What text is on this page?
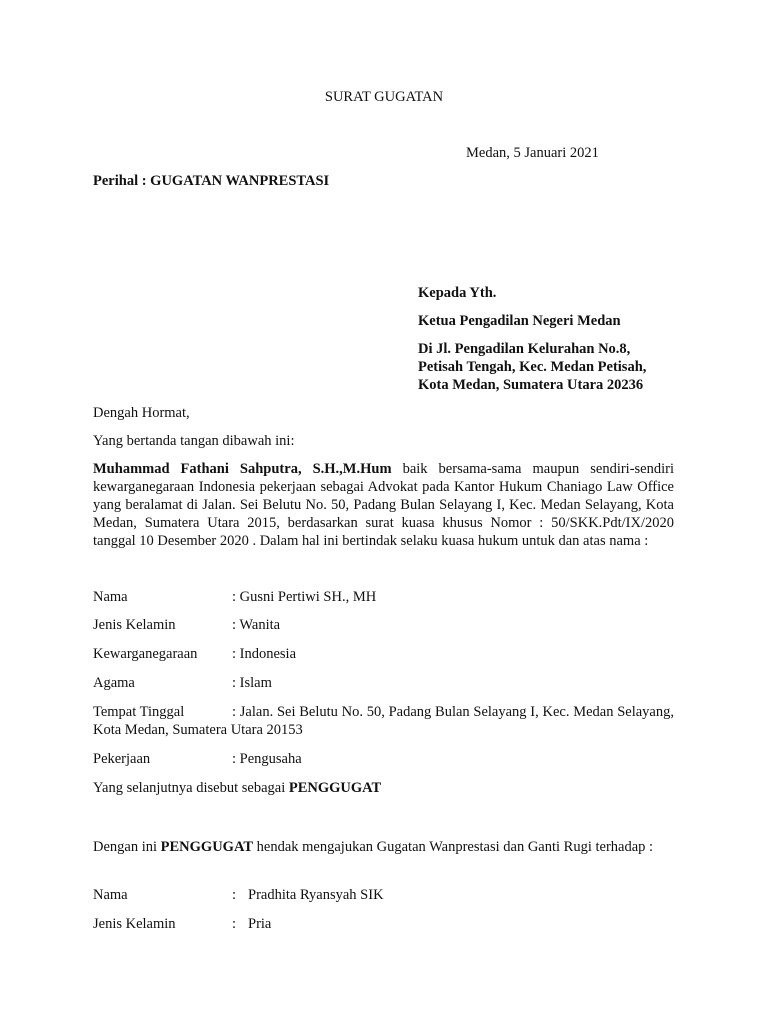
SURAT GUGATAN
Medan, 5 Januari 2021
Perihal : GUGATAN WANPRESTASI
Kepada Yth.
Ketua Pengadilan Negeri Medan
Di Jl. Pengadilan Kelurahan No.8,
Petisah Tengah, Kec. Medan Petisah,
Kota Medan, Sumatera Utara 20236
Dengah Hormat,
Yang bertanda tangan dibawah ini:
Muhammad Fathani Sahputra, S.H.,M.Hum baik bersama-sama maupun sendiri-sendiri kewarganegaraan Indonesia pekerjaan sebagai Advokat pada Kantor Hukum Chaniago Law Office yang beralamat di Jalan. Sei Belutu No. 50, Padang Bulan Selayang I, Kec. Medan Selayang, Kota Medan, Sumatera Utara 2015, berdasarkan surat kuasa khusus Nomor : 50/SKK.Pdt/IX/2020 tanggal 10 Desember 2020 . Dalam hal ini bertindak selaku kuasa hukum untuk dan atas nama :
Nama	: Gusni Pertiwi SH., MH
Jenis Kelamin	: Wanita
Kewarganegaraan : Indonesia
Agama	: Islam
Tempat Tinggal	: Jalan. Sei Belutu No. 50, Padang Bulan Selayang I, Kec. Medan Selayang, Kota Medan, Sumatera Utara 20153
Pekerjaan	: Pengusaha
Yang selanjutnya disebut sebagai PENGGUGAT
Dengan ini PENGGUGAT hendak mengajukan Gugatan Wanprestasi dan Ganti Rugi terhadap :
Nama	: Pradhita Ryansyah SIK
Jenis Kelamin	: Pria
